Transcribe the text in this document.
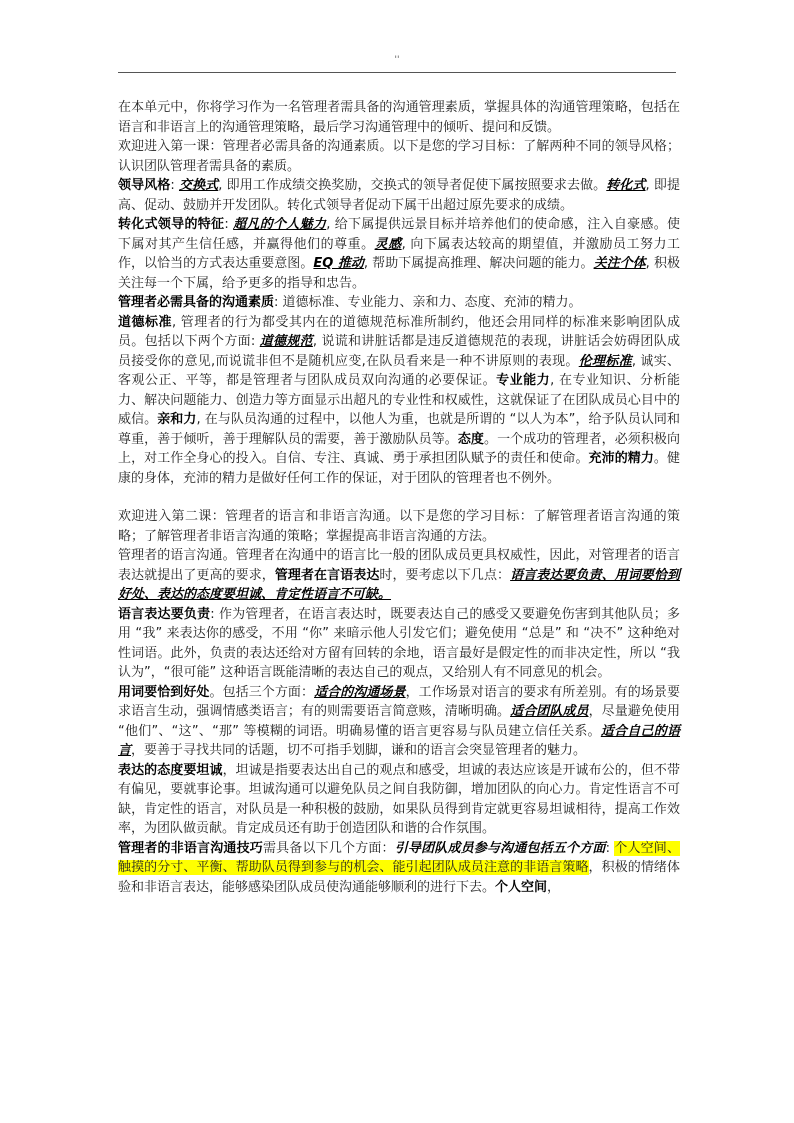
''

在本单元中，你将学习作为一名管理者需具备的沟通管理素质，掌握具体的沟通管理策略，包括在语言和非语言上的沟通管理策略，最后学习沟通管理中的倾听、提问和反馈。

欢迎进入第一课：管理者必需具备的沟通素质。以下是您的学习目标：了解两种不同的领导风格；认识团队管理者需具备的素质。

领导风格: 交换式, 即用工作成绩交换奖励，交换式的领导者促使下属按照要求去做。转化式, 即提高、促动、鼓励并开发团队。转化式领导者促动下属干出超过原先要求的成绩。

转化式领导的特征: 超凡的个人魅力, 给下属提供远景目标并培养他们的使命感，注入自豪感。使下属对其产生信任感，并赢得他们的尊重。灵感, 向下属表达较高的期望值，并激励员工努力工作，以恰当的方式表达重要意图。EQ 推动, 帮助下属提高推理、解决问题的能力。关注个体, 积极关注每一个下属，给予更多的指导和忠告。

管理者必需具备的沟通素质: 道德标准、专业能力、亲和力、态度、充沛的精力。

道德标准, 管理者的行为都受其内在的道德规范标准所制约，他还会用同样的标准来影响团队成员。包括以下两个方面: 道德规范, 说谎和讲脏话都是违反道德规范的表现，讲脏话会妨碍团队成员接受你的意见,而说谎非但不是随机应变,在队员看来是一种不讲原则的表现。伦理标准, 诚实、客观公正、平等，都是管理者与团队成员双向沟通的必要保证。专业能力, 在专业知识、分析能力、解决问题能力、创造力等方面显示出超凡的专业性和权威性，这就保证了在团队成员心目中的威信。亲和力, 在与队员沟通的过程中，以他人为重，也就是所谓的 “以人为本”，给予队员认同和尊重，善于倾听，善于理解队员的需要，善于激励队员等。态度。一个成功的管理者，必须积极向上，对工作全身心的投入。自信、专注、真诚、勇于承担团队赋予的责任和使命。充沛的精力。健康的身体，充沛的精力是做好任何工作的保证，对于团队的管理者也不例外。

欢迎进入第二课：管理者的语言和非语言沟通。以下是您的学习目标：了解管理者语言沟通的策略；了解管理者非语言沟通的策略；掌握提高非语言沟通的方法。

管理者的语言沟通。管理者在沟通中的语言比一般的团队成员更具权威性，因此，对管理者的语言表达就提出了更高的要求，管理者在言语表达时，要考虑以下几点：语言表达要负责、用词要恰到好处、表达的态度要坦诚、肯定性语言不可缺。

语言表达要负责: 作为管理者，在语言表达时，既要表达自己的感受又要避免伤害到其他队员；多用 “我” 来表达你的感受，不用 “你” 来暗示他人引发它们；避免使用 “总是” 和 “决不” 这种绝对性词语。此外，负责的表达还给对方留有回转的余地，语言最好是假定性的而非决定性，所以 “我认为”，“很可能” 这种语言既能清晰的表达自己的观点，又给别人有不同意见的机会。

用词要恰到好处。包括三个方面：适合的沟通场景，工作场景对语言的要求有所差别。有的场景要求语言生动，强调情感类语言；有的则需要语言简意赅，清晰明确。适合团队成员，尽量避免使用 “他们”、“这”、“那” 等模糊的词语。明确易懂的语言更容易与队员建立信任关系。适合自己的语言，要善于寻找共同的话题，切不可指手划脚，谦和的语言会突显管理者的魅力。

表达的态度要坦诚，坦诚是指要表达出自己的观点和感受，坦诚的表达应该是开诚布公的，但不带有偏见，要就事论事。坦诚沟通可以避免队员之间自我防御，增加团队的向心力。肯定性语言不可缺，肯定性的语言，对队员是一种积极的鼓励，如果队员得到肯定就更容易坦诚相待，提高工作效率，为团队做贡献。肯定成员还有助于创造团队和谐的合作氛围。

管理者的非语言沟通技巧需具备以下几个方面：引导团队成员参与沟通包括五个方面: 个人空间、触摸的分寸、平衡、帮助队员得到参与的机会、能引起团队成员注意的非语言策略，积极的情绪体验和非语言表达，能够感染团队成员使沟通能够顺利的进行下去。个人空间，
